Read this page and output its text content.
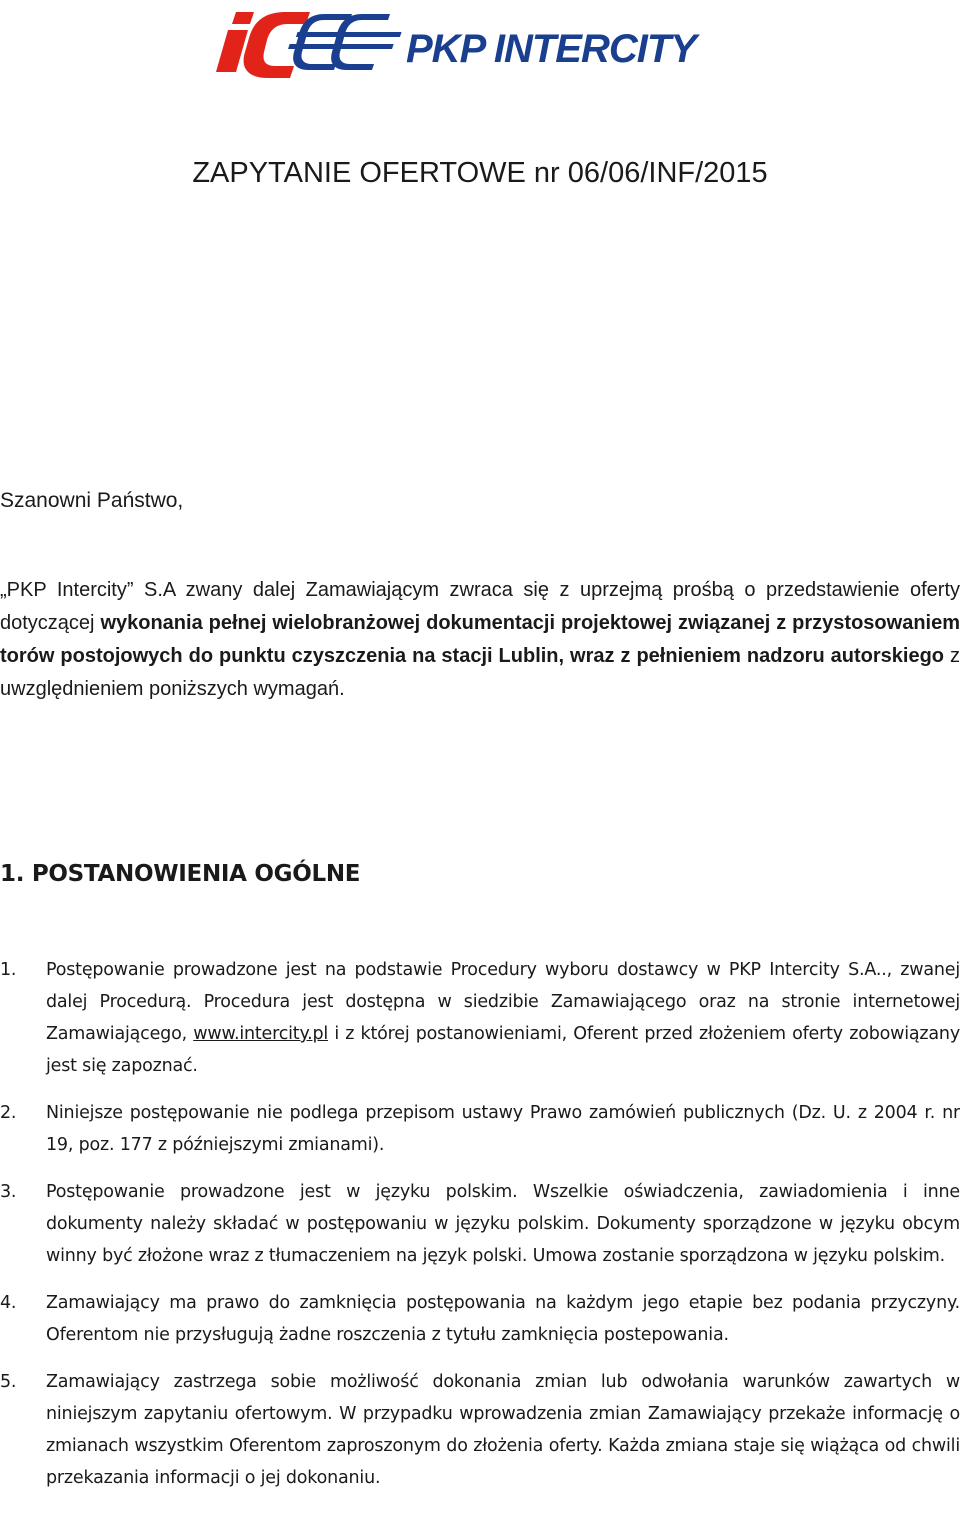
PKP INTERCITY
ZAPYTANIE OFERTOWE nr 06/06/INF/2015

Szanowni Państwo,

„PKP Intercity” S.A zwany dalej Zamawiającym zwraca się z uprzejmą prośbą o przedstawienie oferty dotyczącej wykonania pełnej wielobranżowej dokumentacji projektowej związanej z przystosowaniem torów postojowych do punktu czyszczenia na stacji Lublin, wraz z pełnieniem nadzoru autorskiego z uwzględnieniem poniższych wymagań.

1. POSTANOWIENIA OGÓLNE
1. Postępowanie prowadzone jest na podstawie Procedury wyboru dostawcy w PKP Intercity S.A.., zwanej dalej Procedurą. Procedura jest dostępna w siedzibie Zamawiającego oraz na stronie internetowej Zamawiającego, www.intercity.pl i z której postanowieniami, Oferent przed złożeniem oferty zobowiązany jest się zapoznać.
2. Niniejsze postępowanie nie podlega przepisom ustawy Prawo zamówień publicznych (Dz. U. z 2004 r. nr 19, poz. 177 z późniejszymi zmianami).
3. Postępowanie prowadzone jest w języku polskim. Wszelkie oświadczenia, zawiadomienia i inne dokumenty należy składać w postępowaniu w języku polskim. Dokumenty sporządzone w języku obcym winny być złożone wraz z tłumaczeniem na język polski. Umowa zostanie sporządzona w języku polskim.
4. Zamawiający ma prawo do zamknięcia postępowania na każdym jego etapie bez podania przyczyny. Oferentom nie przysługują żadne roszczenia z tytułu zamknięcia postepowania.
5. Zamawiający zastrzega sobie możliwość dokonania zmian lub odwołania warunków zawartych w niniejszym zapytaniu ofertowym. W przypadku wprowadzenia zmian Zamawiający przekaże informację o zmianach wszystkim Oferentom zaproszonym do złożenia oferty. Każda zmiana staje się wiążąca od chwili przekazania informacji o jej dokonaniu.
